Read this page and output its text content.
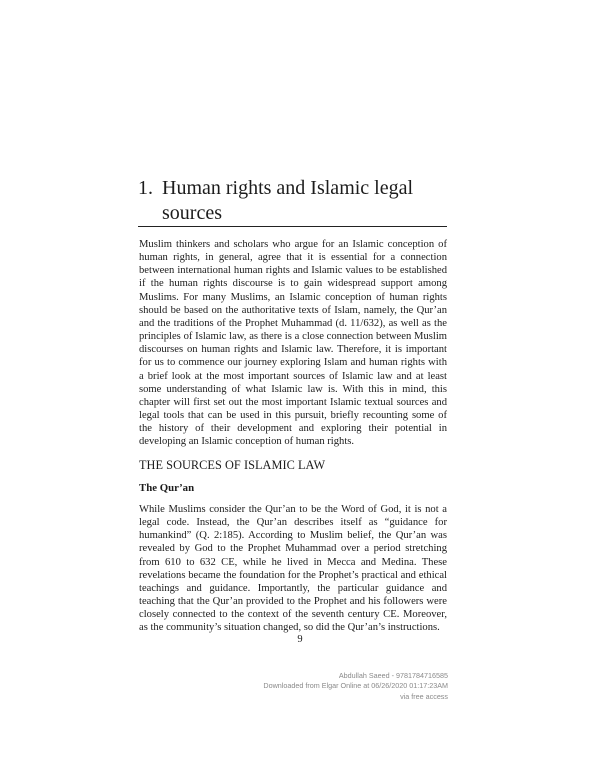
1. Human rights and Islamic legal sources

Muslim thinkers and scholars who argue for an Islamic conception of human rights, in general, agree that it is essential for a connection between international human rights and Islamic values to be established if the human rights discourse is to gain widespread support among Muslims. For many Muslims, an Islamic conception of human rights should be based on the authoritative texts of Islam, namely, the Qur’an and the traditions of the Prophet Muhammad (d. 11/632), as well as the principles of Islamic law, as there is a close connection between Muslim discourses on human rights and Islamic law. Therefore, it is important for us to commence our journey exploring Islam and human rights with a brief look at the most important sources of Islamic law and at least some understanding of what Islamic law is. With this in mind, this chapter will first set out the most important Islamic textual sources and legal tools that can be used in this pursuit, briefly recounting some of the history of their development and exploring their potential in developing an Islamic conception of human rights.

THE SOURCES OF ISLAMIC LAW
The Qur’an

While Muslims consider the Qur’an to be the Word of God, it is not a legal code. Instead, the Qur’an describes itself as “guidance for humankind” (Q. 2:185). According to Muslim belief, the Qur’an was revealed by God to the Prophet Muhammad over a period stretching from 610 to 632 CE, while he lived in Mecca and Medina. These revelations became the foundation for the Prophet’s practical and ethical teachings and guidance. Importantly, the particular guidance and teaching that the Qur’an provided to the Prophet and his followers were closely connected to the context of the seventh century CE. Moreover, as the community’s situation changed, so did the Qur’an’s instructions.

9
Abdullah Saeed - 9781784716585
Downloaded from Elgar Online at 06/26/2020 01:17:23AM
via free access
